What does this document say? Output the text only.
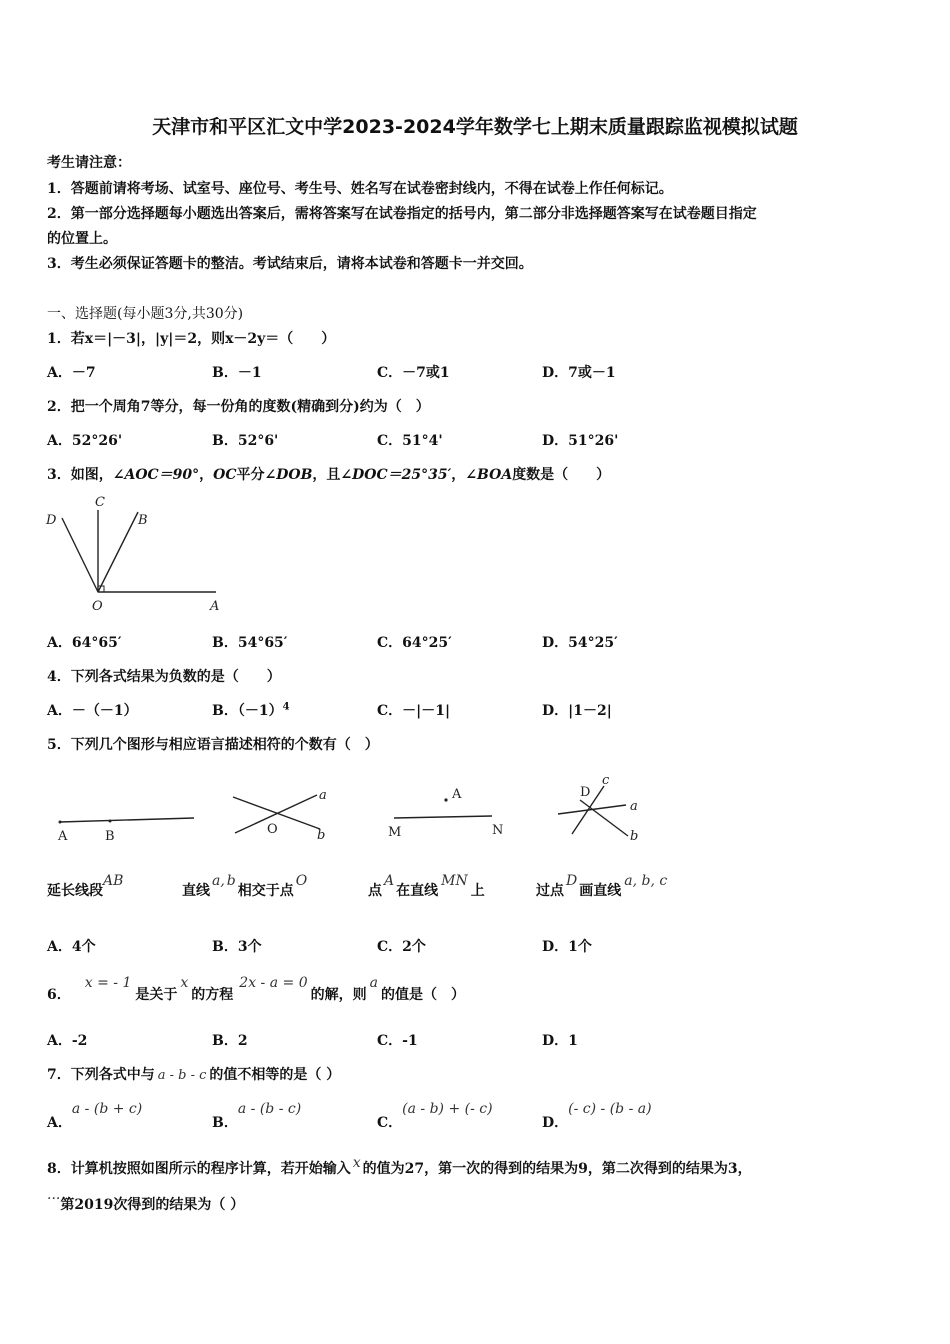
天津市和平区汇文中学2023-2024学年数学七上期末质量跟踪监视模拟试题
考生请注意：
1．答题前请将考场、试室号、座位号、考生号、姓名写在试卷密封线内，不得在试卷上作任何标记。
2．第一部分选择题每小题选出答案后，需将答案写在试卷指定的括号内，第二部分非选择题答案写在试卷题目指定
的位置上。
3．考生必须保证答题卡的整洁。考试结束后，请将本试卷和答题卡一并交回。
一、选择题(每小题3分,共30分)
1．若x＝|－3|，|y|＝2，则x－2y＝（　　）
A．－7	B．－1	C．－7或1	D．7或－1
2．把一个周角7等分，每一份角的度数(精确到分)约为（　）
A．52°26'	B．52°6'	C．51°4'	D．51°26'
3．如图，∠AOC＝90°，OC平分∠DOB，且∠DOC＝25°35′，∠BOA度数是（　　）
C
D	B
O	A
A．64°65′	B．54°65′	C．64°25′	D．54°25′
4．下列各式结果为负数的是（　　）
A．－（－1）	B．$(-1)^4$	C．－|－1|	D．|1－2|
5．下列几个图形与相应语言描述相符的个数有（　）
A	B
a
O	b
A
M	N
D
c
a
b
延长线段AB
直线a, b相交于点O
点A在直线MN上	过点D画直线a, b, c
A．4个	B．3个	C．2个	D．1个
6．x = - 1是关于x的方程2x - a = 0的解，则a的值是（　）
A．-2	B．2	C．-1	D．1
7．下列各式中与 a - b - c 的值不相等的是（ ）
A．a - (b + c)
B．a - (b - c)
C．(a - b) + (- c)
D．(- c) - (b - a)
8．计算机按照如图所示的程序计算，若开始输入 x 的值为27，第一次的得到的结果为9，第二次得到的结果为3，
···第2019次得到的结果为（ ）
